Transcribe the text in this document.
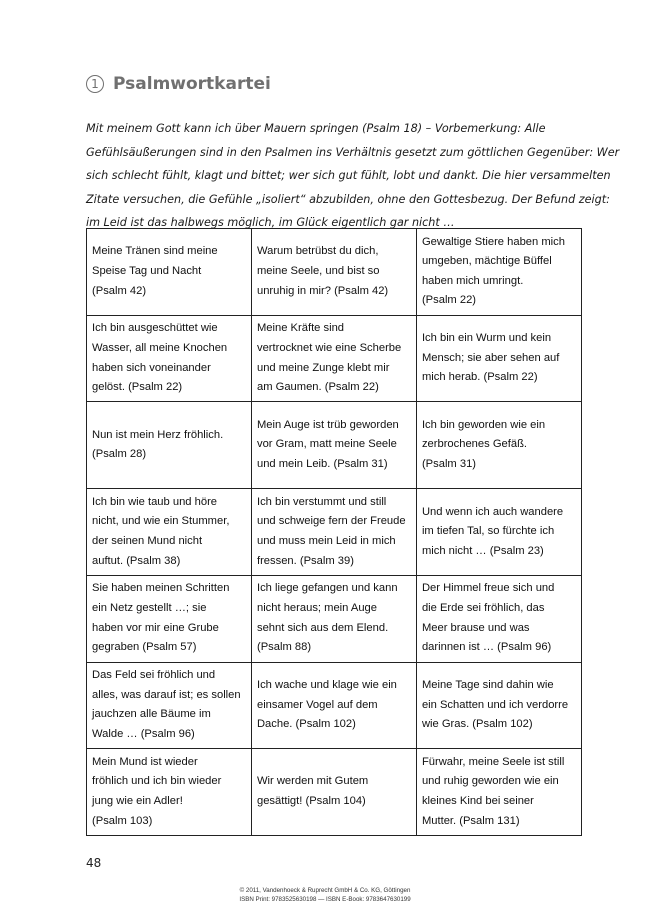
1 Psalmwortkartei
Mit meinem Gott kann ich über Mauern springen (Psalm 18) – Vorbemerkung: Alle
Gefühlsäußerungen sind in den Psalmen ins Verhältnis gesetzt zum göttlichen Gegenüber: Wer
sich schlecht fühlt, klagt und bittet; wer sich gut fühlt, lobt und dankt. Die hier versammelten
Zitate versuchen, die Gefühle „isoliert“ abzubilden, ohne den Gottesbezug. Der Befund zeigt:
im Leid ist das halbwegs möglich, im Glück eigentlich gar nicht …
Meine Tränen sind meine
Speise Tag und Nacht
(Psalm 42)	Warum betrübst du dich,
meine Seele, und bist so
unruhig in mir? (Psalm 42)	Gewaltige Stiere haben mich
umgeben, mächtige Büffel
haben mich umringt.
(Psalm 22)

Ich bin ausgeschüttet wie
Wasser, all meine Knochen
haben sich voneinander
gelöst. (Psalm 22)	Meine Kräfte sind
vertrocknet wie eine Scherbe
und meine Zunge klebt mir
am Gaumen. (Psalm 22)	Ich bin ein Wurm und kein
Mensch; sie aber sehen auf
mich herab. (Psalm 22)

Nun ist mein Herz fröhlich.
(Psalm 28)	Mein Auge ist trüb geworden
vor Gram, matt meine Seele
und mein Leib. (Psalm 31)	Ich bin geworden wie ein
zerbrochenes Gefäß.
(Psalm 31)

Ich bin wie taub und höre
nicht, und wie ein Stummer,
der seinen Mund nicht
auftut. (Psalm 38)	Ich bin verstummt und still
und schweige fern der Freude
und muss mein Leid in mich
fressen. (Psalm 39)	Und wenn ich auch wandere
im tiefen Tal, so fürchte ich
mich nicht … (Psalm 23)

Sie haben meinen Schritten
ein Netz gestellt …; sie
haben vor mir eine Grube
gegraben (Psalm 57)	Ich liege gefangen und kann
nicht heraus; mein Auge
sehnt sich aus dem Elend.
(Psalm 88)	Der Himmel freue sich und
die Erde sei fröhlich, das
Meer brause und was
darinnen ist … (Psalm 96)

Das Feld sei fröhlich und
alles, was darauf ist; es sollen
jauchzen alle Bäume im
Walde … (Psalm 96)	Ich wache und klage wie ein
einsamer Vogel auf dem
Dache. (Psalm 102)	Meine Tage sind dahin wie
ein Schatten und ich verdorre
wie Gras. (Psalm 102)

Mein Mund ist wieder
fröhlich und ich bin wieder
jung wie ein Adler!
(Psalm 103)	Wir werden mit Gutem
gesättigt! (Psalm 104)	Fürwahr, meine Seele ist still
und ruhig geworden wie ein
kleines Kind bei seiner
Mutter. (Psalm 131)
48
© 2011, Vandenhoeck & Ruprecht GmbH & Co. KG, Göttingen
ISBN Print: 9783525630198 — ISBN E-Book: 9783647630199
